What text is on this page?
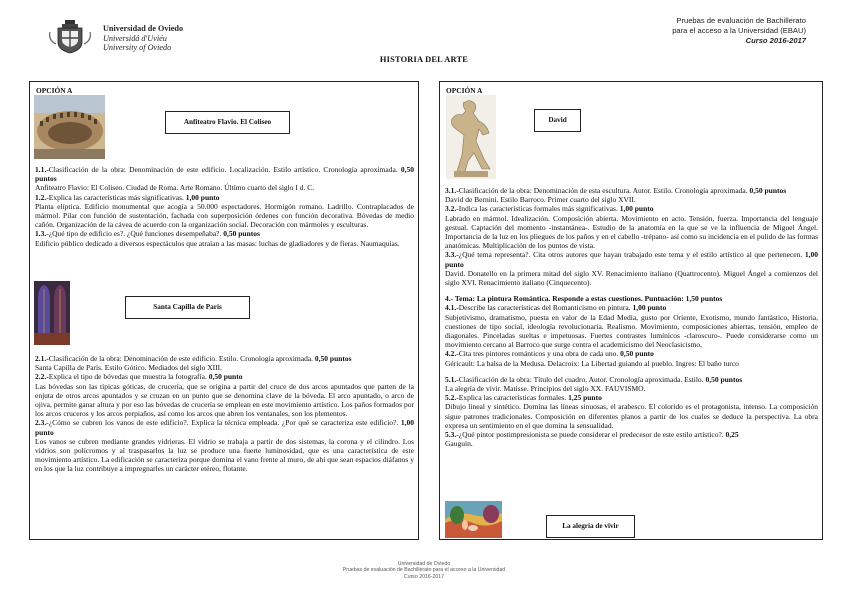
Universidad de Oviedo
Universidá d'Uviéu
University of Oviedo
Pruebas de evaluación de Bachillerato
para el acceso a la Universidad (EBAU)
Curso 2016-2017
HISTORIA DEL ARTE
OPCIÓN A
Anfiteatro Flavio. El Coliseo

1.1.-Clasificación de la obra: Denominación de este edificio. Localización. Estilo artístico. Cronología aproximada. 0,50 puntos

Anfiteatro Flavio: El Coliseo. Ciudad de Roma. Arte Romano. Último cuarto del siglo I d. C.

1.2.-Explica las características más significativas. 1,00 punto

Planta elíptica. Edificio monumental que acogía a 50.000 espectadores. Hormigón romano. Ladrillo. Contraplacados de mármol. Pilar con función de sustentación, fachada con superposición órdenes con función decorativa. Bóvedas de medio cañón. Organización de la cávea de acuerdo con la organización social. Decoración con mármoles y esculturas.

1.3.-¿Qué tipo de edificio es?. ¿Qué funciones desempeñaba?. 0,50 puntos

Edificio público dedicado a diversos espectáculos que atraían a las masas: luchas de gladiadores y de fieras. Naumaquias.

Santa Capilla de París

2.1.-Clasificación de la obra: Denominación de este edificio. Estilo. Cronología aproximada. 0,50 puntos

Santa Capilla de París. Estilo Gótico. Mediados del siglo XIII.

2.2.-Explica el tipo de bóvedas que muestra la fotografía. 0,50 punto

Las bóvedas son las típicas góticas, de crucería, que se origina a partir del cruce de dos arcos apuntados que parten de la enjuta de otros arcos apuntados y se cruzan en un punto que se denomina clave de la bóveda. El arco apuntado, o arco de ojiva, permite ganar altura y por eso las bóvedas de crucería se emplean en este movimiento artístico. Los paños formados por los arcos cruceros y los arcos perpiaños, así como los arcos que abren los ventanales, son los plementos.

2.3.-¿Cómo se cubren los vanos de este edificio?. Explica la técnica empleada. ¿Por qué se caracteriza este edificio?. 1,00 punto

Los vanos se cubren mediante grandes vidrieras. El vidrio se trabaja a partir de dos sistemas, la corona y el cilindro. Los vidrios son polícromos y al traspasarlos la luz se produce una fuerte luminosidad, que es una característica de este movimiento artístico. La edificación se caracteriza porque domina el vano frente al muro, de ahí que sean espacios diáfanos y en los que la luz contribuye a impregnarles un carácter etéreo, flotante.

OPCIÓN A
David

3.1.-Clasificación de la obra: Denominación de esta escultura. Autor. Estilo. Cronología aproximada. 0,50 puntos

David de Bernini. Estilo Barroco. Primer cuarto del siglo XVII.

3.2.-Indica las características formales más significativas. 1,00 punto

Labrado en mármol. Idealización. Composición abierta. Movimiento en acto. Tensión, fuerza. Importancia del lenguaje gestual. Captación del momento -instantánea-. Estudio de la anatomía en la que se ve la influencia de Miguel Ángel. Importancia de la luz en los pliegues de los paños y en el cabello -trépano- así como su incidencia en el pulido de las formas anatómicas. Multiplicación de los puntos de vista.

3.3.-¿Qué tema representa?. Cita otros autores que hayan trabajado este tema y el estilo artístico al que pertenecen. 1,00 punto

David. Donatello en la primera mitad del siglo XV. Renacimiento italiano (Quattrocento). Miguel Ángel a comienzos del siglo XVI. Renacimiento italiano (Cinquecento).

4.- Tema: La pintura Romántica. Responde a estas cuestiones. Puntuación: 1,50 puntos

4.1.-Describe las características del Romanticismo en pintura. 1,00 punto

Subjetivismo, dramatismo, puesta en valor de la Edad Media, gusto por Oriente, Exotismo, mundo fantástico, Historia, cuestiones de tipo social, ideología revolucionaria. Realismo. Movimiento, composiciones abiertas, tensión, empleo de diagonales. Pinceladas sueltas e impetuosas. Fuertes contrastes lumínicos -claroscuro-. Puede considerarse como un movimiento cercano al Barroco que surge contra el academicismo del Neoclasicismo.

4.2.-Cita tres pintores románticos y una obra de cada uno. 0,50 punto

Géricault: La balsa de la Medusa. Delacroix: La Libertad guiando al pueblo. Ingres: El baño turco

5.1.-Clasificación de la obra: Título del cuadro. Autor. Cronología aproximada. Estilo. 0,50 puntos

La alegría de vivir. Matisse. Principios del siglo XX. FAUVISMO.

5.2.-Explica las características formales. 1,25 punto

Dibujo lineal y sintético. Domina las líneas sinuosas, el arabesco. El colorido es el protagonista, intenso. La composición sigue patrones tradicionales. Composición en diferentes planos a partir de los cuales se deduce la perspectiva. La obra expresa un sentimiento en el que domina la sensualidad.

5.3.-¿Qué pintor postimpresionista se puede considerar el predecesor de este estilo artístico?. 0,25

Gauguin.

La alegría de vivir
Universidad de Oviedo
Pruebas de evaluación de Bachillerato para el acceso a la Universidad
Curso 2016-2017
